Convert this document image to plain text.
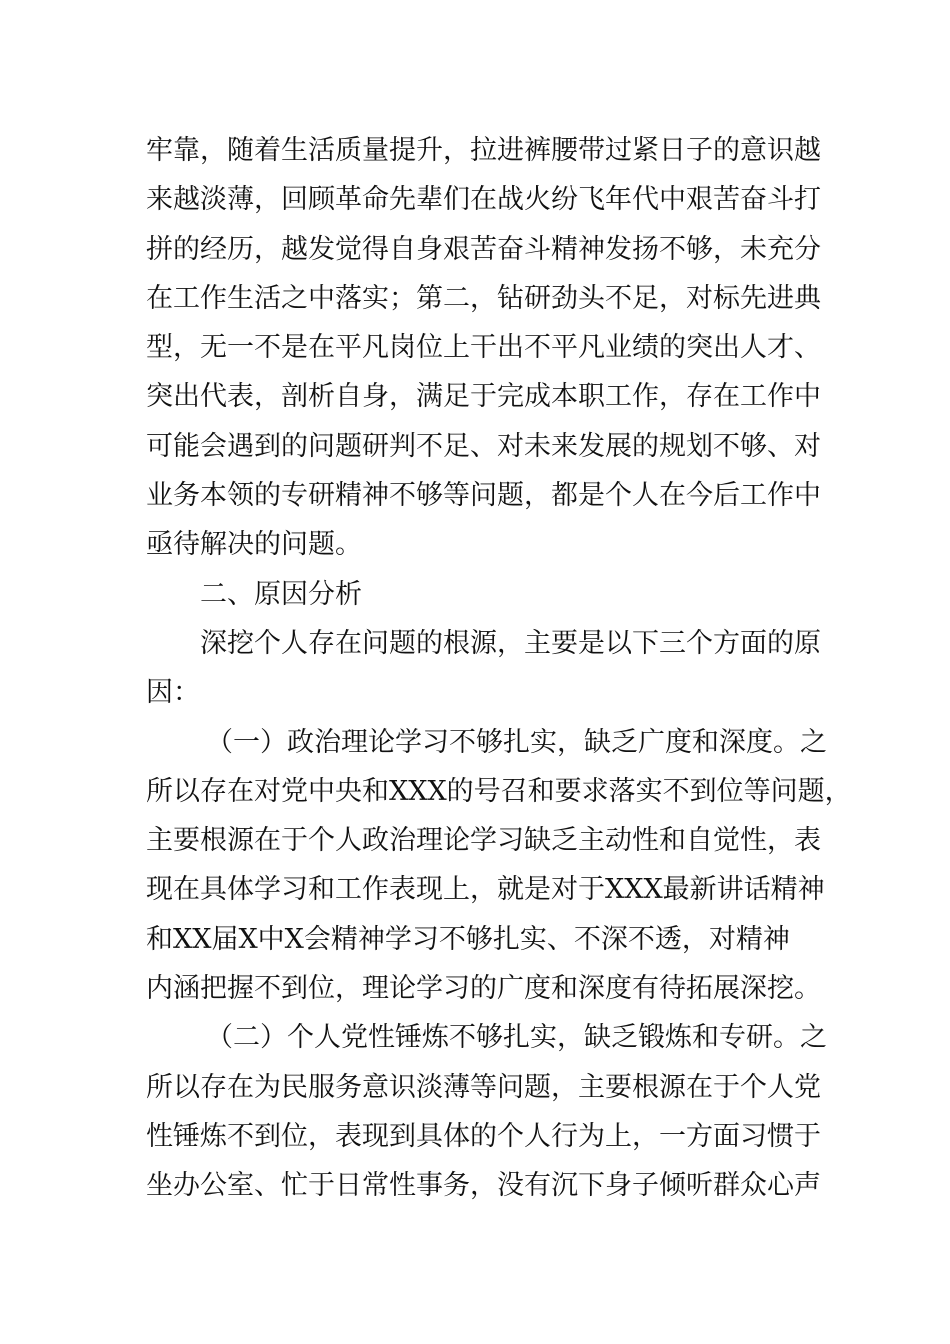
牢靠，随着生活质量提升，拉进裤腰带过紧日子的意识越
来越淡薄，回顾革命先辈们在战火纷飞年代中艰苦奋斗打
拼的经历，越发觉得自身艰苦奋斗精神发扬不够，未充分
在工作生活之中落实；第二，钻研劲头不足，对标先进典
型，无一不是在平凡岗位上干出不平凡业绩的突出人才、
突出代表，剖析自身，满足于完成本职工作，存在工作中
可能会遇到的问题研判不足、对未来发展的规划不够、对
业务本领的专研精神不够等问题，都是个人在今后工作中
亟待解决的问题。
二、原因分析
深挖个人存在问题的根源，主要是以下三个方面的原
因：
（一）政治理论学习不够扎实，缺乏广度和深度。之
所以存在对党中央和XXX的号召和要求落实不到位等问题，
主要根源在于个人政治理论学习缺乏主动性和自觉性，表
现在具体学习和工作表现上，就是对于XXX最新讲话精神
和XX届X中X会精神学习不够扎实、不深不透，对精神
内涵把握不到位，理论学习的广度和深度有待拓展深挖。
（二）个人党性锤炼不够扎实，缺乏锻炼和专研。之
所以存在为民服务意识淡薄等问题，主要根源在于个人党
性锤炼不到位，表现到具体的个人行为上，一方面习惯于
坐办公室、忙于日常性事务，没有沉下身子倾听群众心声
